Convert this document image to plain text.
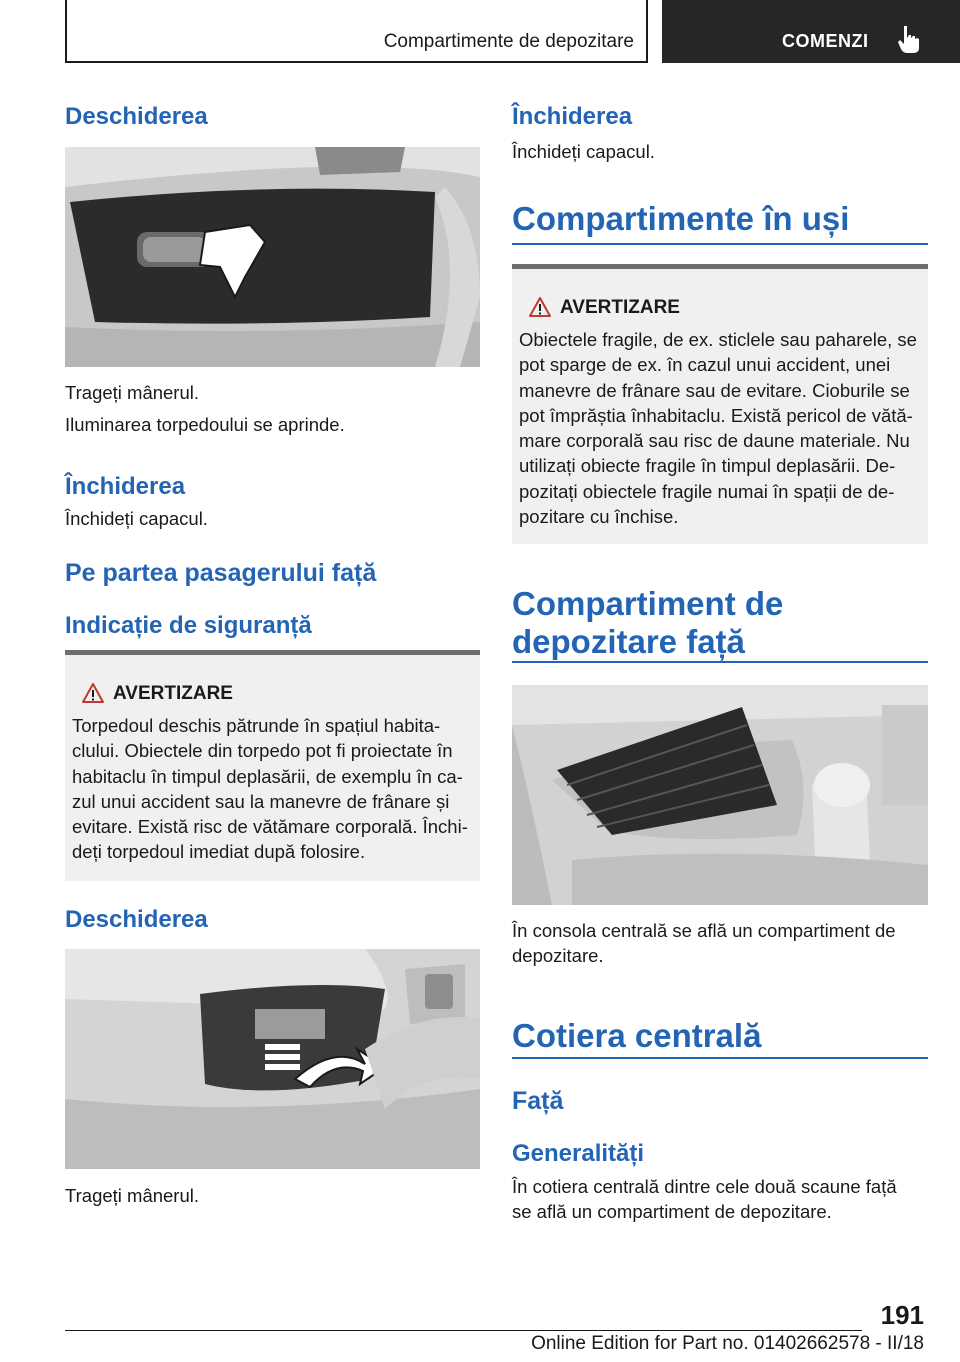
Compartimente de depozitare	COMENZI
Deschiderea

Trageți mânerul.

Iluminarea torpedoului se aprinde.

Închiderea

Închideți capacul.

Pe partea pasagerului față
Indicație de siguranță
AVERTIZARE

Torpedoul deschis pătrunde în spațiul habita‐
clului. Obiectele din torpedo pot fi proiectate în
habitaclu în timpul deplasării, de exemplu în ca‐
zul unui accident sau la manevre de frânare și
evitare. Există risc de vătămare corporală. Închi‐
deți torpedoul imediat după folosire.

Deschiderea

Trageți mânerul.

Închiderea

Închideți capacul.

Compartimente în uși
AVERTIZARE

Obiectele fragile, de ex. sticlele sau paharele, se
pot sparge de ex. în cazul unui accident, unei
manevre de frânare sau de evitare. Cioburile se
pot împrăștia înhabitaclu. Există pericol de vătă‐
mare corporală sau risc de daune materiale. Nu
utilizați obiecte fragile în timpul deplasării. De‐
pozitați obiectele fragile numai în spații de de‐
pozitare cu închise.

Compartiment de
depozitare față

În consola centrală se află un compartiment de
depozitare.

Cotiera centrală
Față
Generalități

În cotiera centrală dintre cele două scaune față
se află un compartiment de depozitare.

191
Online Edition for Part no. 01402662578 - II/18
